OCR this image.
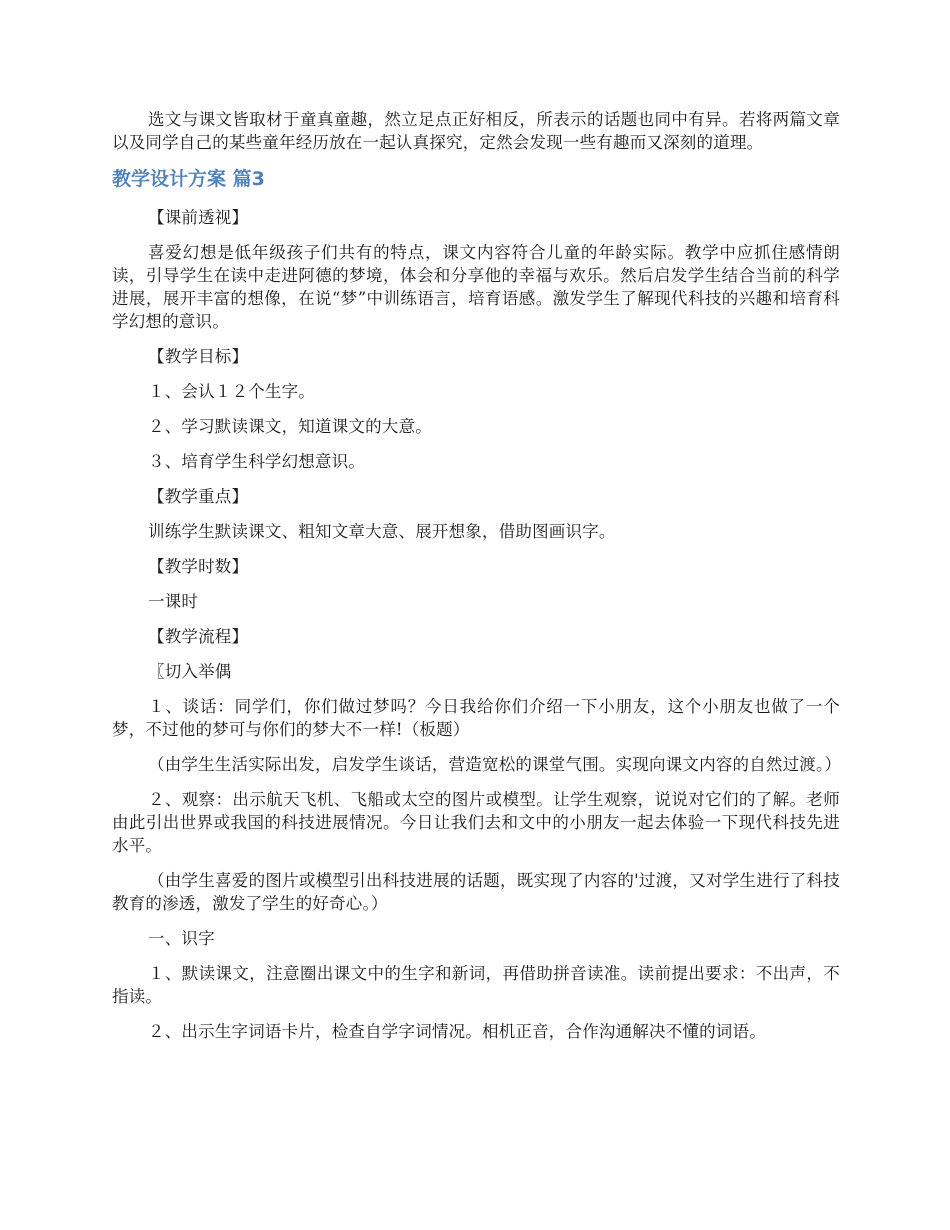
选文与课文皆取材于童真童趣，然立足点正好相反，所表示的话题也同中有异。若将两篇文章以及同学自己的某些童年经历放在一起认真探究，定然会发现一些有趣而又深刻的道理。

教学设计方案 篇3

【课前透视】

喜爱幻想是低年级孩子们共有的特点，课文内容符合儿童的年龄实际。教学中应抓住感情朗读，引导学生在读中走进阿德的梦境，体会和分享他的幸福与欢乐。然后启发学生结合当前的科学进展，展开丰富的想像，在说“梦”中训练语言，培育语感。激发学生了解现代科技的兴趣和培育科学幻想的意识。

【教学目标】

１、会认１２个生字。

２、学习默读课文，知道课文的大意。

３、培育学生科学幻想意识。

【教学重点】

训练学生默读课文、粗知文章大意、展开想象，借助图画识字。

【教学时数】

一课时

【教学流程】

〖切入举偶

１、谈话：同学们，你们做过梦吗？今日我给你们介绍一下小朋友，这个小朋友也做了一个梦，不过他的梦可与你们的梦大不一样!（板题）

（由学生生活实际出发，启发学生谈话，营造宽松的课堂气围。实现向课文内容的自然过渡。）

２、观察：出示航天飞机、飞船或太空的图片或模型。让学生观察，说说对它们的了解。老师由此引出世界或我国的科技进展情况。今日让我们去和文中的小朋友一起去体验一下现代科技先进水平。

（由学生喜爱的图片或模型引出科技进展的话题，既实现了内容的'过渡，又对学生进行了科技教育的渗透，激发了学生的好奇心。）

一、识字

１、默读课文，注意圈出课文中的生字和新词，再借助拼音读准。读前提出要求：不出声，不指读。

２、出示生字词语卡片，检查自学字词情况。相机正音，合作沟通解决不懂的词语。
